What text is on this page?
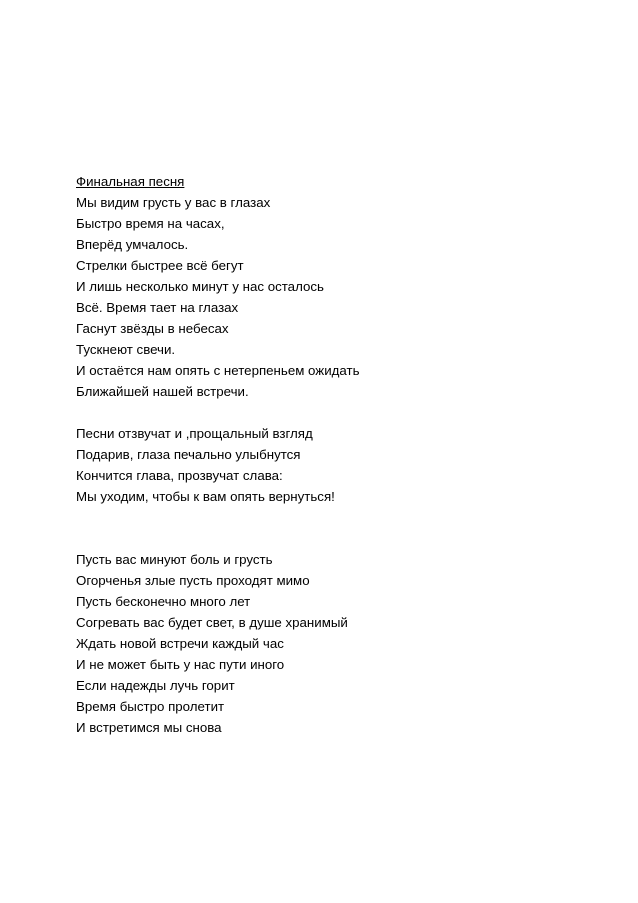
Финальная песня
Мы видим грусть у вас в глазах
Быстро время на часах,
Вперёд умчалось.
Стрелки быстрее всё бегут
И лишь несколько минут у нас осталось
Всё. Время тает на глазах
Гаснут звёзды в небесах
Тускнеют свечи.
И остаётся нам опять с нетерпеньем ожидать
Ближайшей нашей встречи.
Песни отзвучат и ,прощальный взгляд
Подарив, глаза печально улыбнутся
Кончится глава, прозвучат слава:
Мы уходим, чтобы к вам опять вернуться!
Пусть вас минуют боль и грусть
Огорченья злые пусть проходят мимо
Пусть бесконечно много лет
Согревать вас будет свет, в душе хранимый
Ждать новой встречи каждый час
И не может быть у нас пути иного
Если надежды лучь горит
Время быстро пролетит
И встретимся мы снова
